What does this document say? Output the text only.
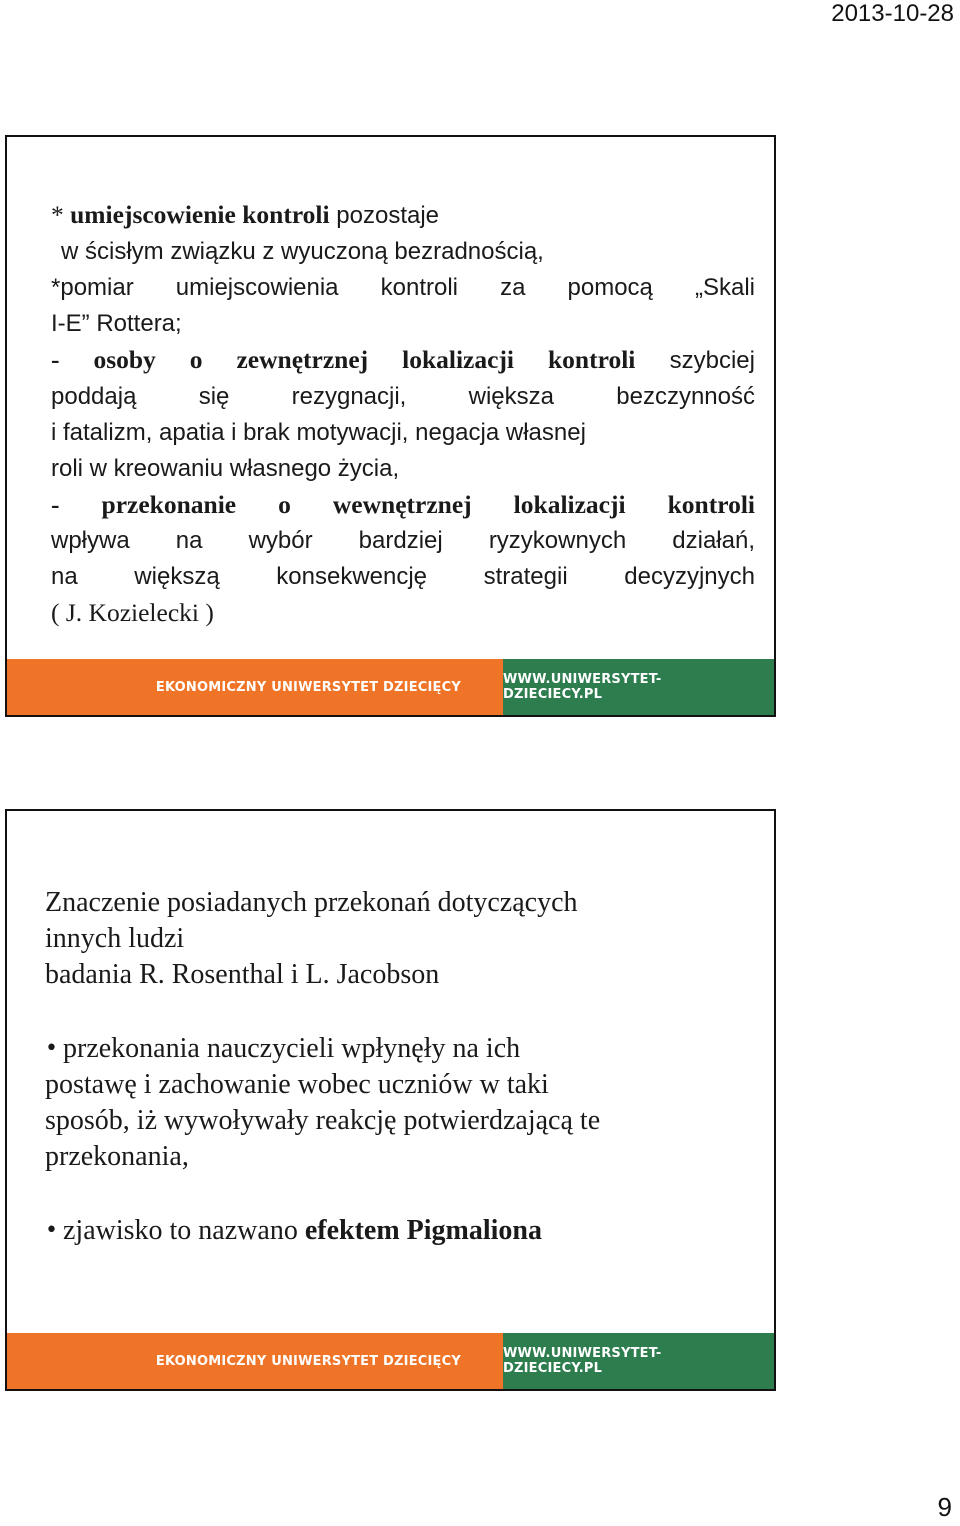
2013-10-28
* umiejscowienie kontroli pozostaje
w ścisłym związku z wyuczoną bezradnością,
*pomiar umiejscowienia kontroli za pomocą „Skali
I-E” Rottera;
- osoby o zewnętrznej lokalizacji kontroli szybciej
poddają się rezygnacji, większa bezczynność
i fatalizm, apatia i brak motywacji, negacja własnej
roli w kreowaniu własnego życia,
- przekonanie o wewnętrznej lokalizacji kontroli
wpływa na wybór bardziej ryzykownych działań,
na większą konsekwencję strategii decyzyjnych
( J. Kozielecki )
EKONOMICZNY UNIWERSYTET DZIECIĘCY	WWW.UNIWERSYTET-DZIECIECY.PL
Znaczenie posiadanych przekonań dotyczących
innych ludzi
badania R. Rosenthal i L. Jacobson
• przekonania nauczycieli wpłynęły na ich
postawę i zachowanie wobec uczniów w taki
sposób, iż wywoływały reakcję potwierdzającą te
przekonania,
• zjawisko to nazwano efektem Pigmaliona
EKONOMICZNY UNIWERSYTET DZIECIĘCY	WWW.UNIWERSYTET-DZIECIECY.PL
9
